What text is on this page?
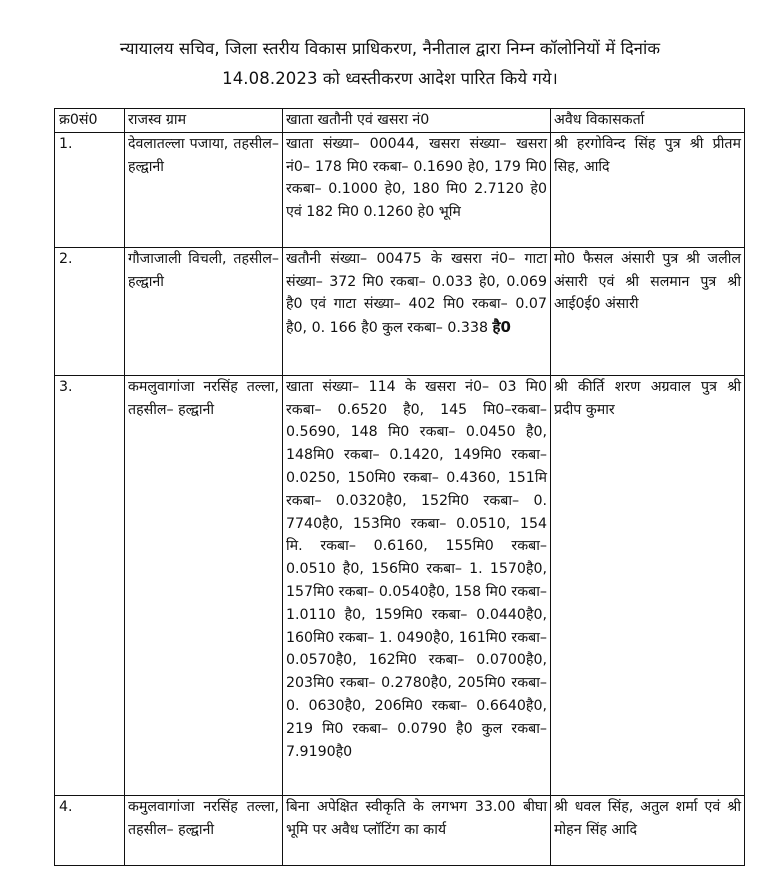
न्यायालय सचिव, जिला स्तरीय विकास प्राधिकरण, नैनीताल द्वारा निम्न कॉलोनियों में दिनांक
14.08.2023 को ध्वस्तीकरण आदेश पारित किये गये।
क्र0सं0	राजस्व ग्राम	खाता खतौनी एवं खसरा नं0	अवैध विकासकर्ता
1.	देवलातल्ला पजाया, तहसील– हल्द्वानी	खाता संख्या– 00044, खसरा संख्या– खसरा नं0– 178 मि0 रकबा– 0.1690 हे0, 179 मि0 रकबा– 0.1000 हे0, 180 मि0 2.7120 हे0 एवं 182 मि0 0.1260 हे0 भूमि	श्री हरगोविन्द सिंह पुत्र श्री प्रीतम सिह, आदि
2.	गौजाजाली विचली, तहसील– हल्द्वानी	खतौनी संख्या– 00475 के खसरा नं0– गाटा संख्या– 372 मि0 रकबा– 0.033 हे0, 0.069 है0 एवं गाटा संख्या– 402 मि0 रकबा– 0.07 है0, 0. 166 है0 कुल रकबा– 0.338 है0	मो0 फैसल अंसारी पुत्र श्री जलील अंसारी एवं श्री सलमान पुत्र श्री आई0ई0 अंसारी
3.	कमलुवागांजा नरसिंह तल्ला, तहसील– हल्द्वानी	खाता संख्या– 114 के खसरा नं0– 03 मि0 रकबा– 0.6520 है0, 145 मि0–रकबा– 0.5690, 148 मि0 रकबा– 0.0450 है0, 148मि0 रकबा– 0.1420, 149मि0 रकबा– 0.0250, 150मि0 रकबा– 0.4360, 151मि रकबा– 0.0320है0, 152मि0 रकबा– 0. 7740है0, 153मि0 रकबा– 0.0510, 154 मि. रकबा– 0.6160, 155मि0 रकबा– 0.0510 है0, 156मि0 रकबा– 1. 1570है0, 157मि0 रकबा– 0.0540है0, 158 मि0 रकबा– 1.0110 है0, 159मि0 रकबा– 0.0440है0, 160मि0 रकबा– 1. 0490है0, 161मि0 रकबा– 0.0570है0, 162मि0 रकबा– 0.0700है0, 203मि0 रकबा– 0.2780है0, 205मि0 रकबा– 0. 0630है0, 206मि0 रकबा– 0.6640है0, 219 मि0 रकबा– 0.0790 है0 कुल रकबा– 7.9190है0	श्री कीर्ति शरण अग्रवाल पुत्र श्री प्रदीप कुमार
4.	कमुलवागांजा नरसिंह तल्ला, तहसील– हल्द्वानी	बिना अपेक्षित स्वीकृति के लगभग 33.00 बीघा भूमि पर अवैध प्लॉटिंग का कार्य	श्री धवल सिंह, अतुल शर्मा एवं श्री मोहन सिंह आदि
